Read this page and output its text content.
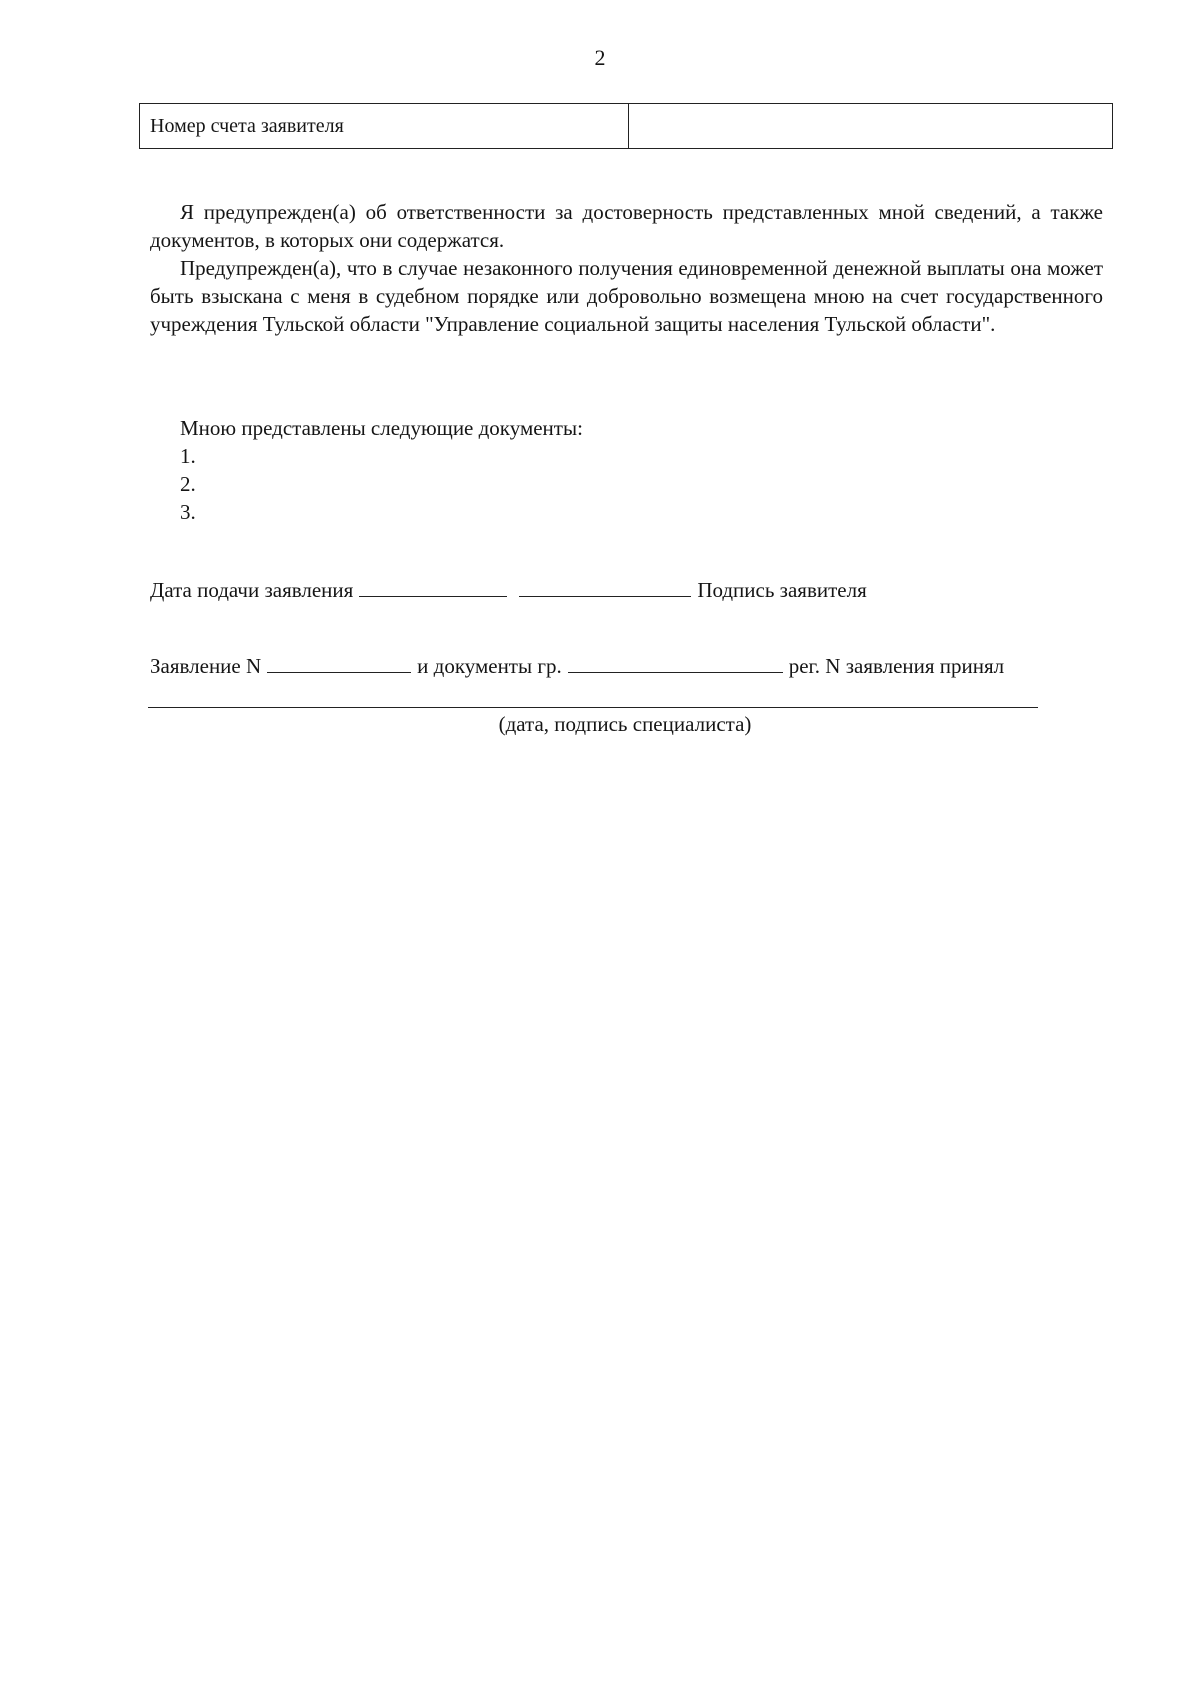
2
Номер счета заявителя	

Я предупрежден(а) об ответственности за достоверность представленных мной сведений, а также документов, в которых они содержатся.

Предупрежден(а), что в случае незаконного получения единовременной денежной выплаты она может быть взыскана с меня в судебном порядке или добровольно возмещена мною на счет государственного учреждения Тульской области "Управление социальной защиты населения Тульской области".

Мною представлены следующие документы:
1.
2.
3.
Дата подачи заявления	Подпись заявителя
Заявление N	и документы гр.	рег. N заявления принял
(дата, подпись специалиста)
